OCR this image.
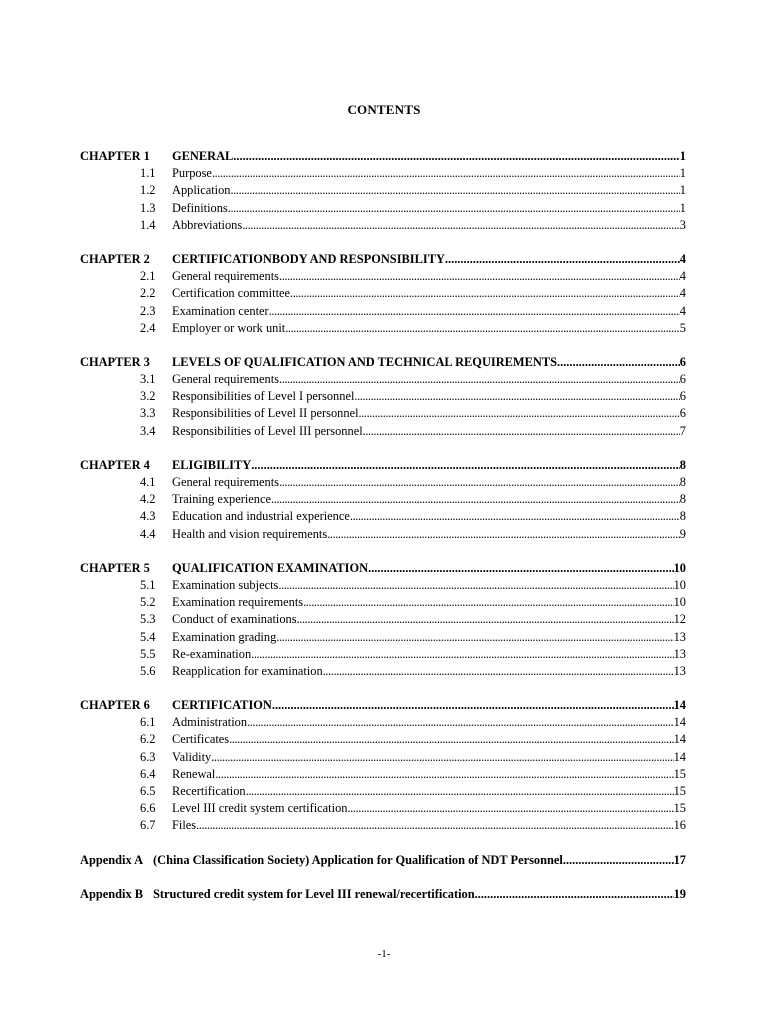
CONTENTS
CHAPTER 1	GENERAL .....	1
1.1	Purpose .....	1
1.2	Application .....	1
1.3	Definitions .....	1
1.4	Abbreviations .....	3
CHAPTER 2	CERTIFICATIONBODY AND RESPONSIBILITY .....	4
2.1	General requirements .....	4
2.2	Certification committee .....	4
2.3	Examination center .....	4
2.4	Employer or work unit .....	5
CHAPTER 3	LEVELS OF QUALIFICATION AND TECHNICAL REQUIREMENTS .....	6
3.1	General requirements .....	6
3.2	Responsibilities of Level I personnel .....	6
3.3	Responsibilities of Level II personnel .....	6
3.4	Responsibilities of Level III personnel .....	7
CHAPTER 4	ELIGIBILITY .....	8
4.1	General requirements .....	8
4.2	Training experience .....	8
4.3	Education and industrial experience .....	8
4.4	Health and vision requirements .....	9
CHAPTER 5	QUALIFICATION EXAMINATION .....	10
5.1	Examination subjects .....	10
5.2	Examination requirements .....	10
5.3	Conduct of examinations .....	12
5.4	Examination grading .....	13
5.5	Re-examination .....	13
5.6	Reapplication for examination .....	13
CHAPTER 6	CERTIFICATION .....	14
6.1	Administration .....	14
6.2	Certificates .....	14
6.3	Validity .....	14
6.4	Renewal .....	15
6.5	Recertification .....	15
6.6	Level III credit system certification .....	15
6.7	Files .....	16
Appendix A (China Classification Society) Application for Qualification of NDT Personnel .....	17
Appendix B Structured credit system for Level III renewal/recertification .....	19
-1-
